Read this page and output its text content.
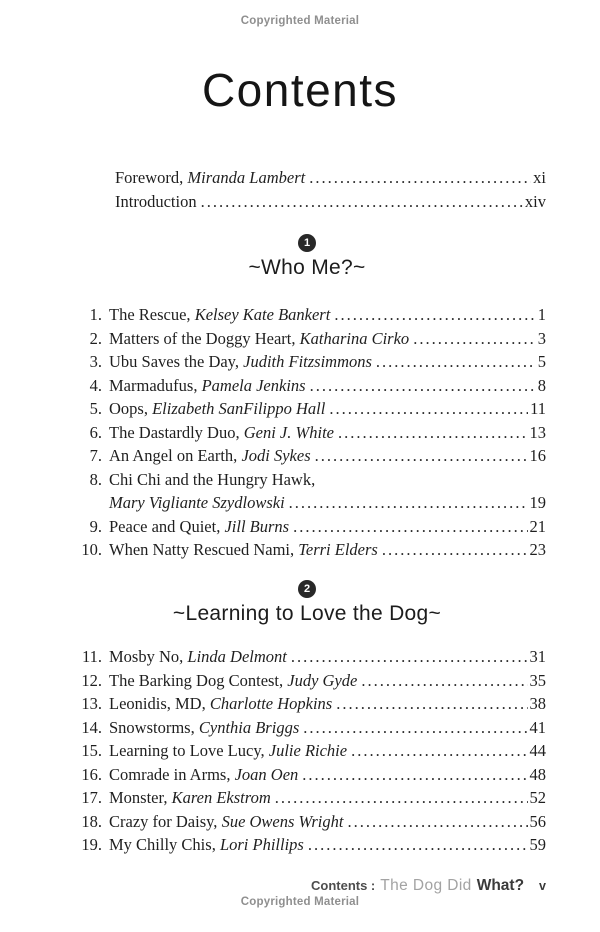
Copyrighted Material
Contents
Foreword, Miranda Lambert .....	xi
Introduction .....	xiv
1
~Who Me?~
1. The Rescue, Kelsey Kate Bankert .....	1
2. Matters of the Doggy Heart, Katharina Cirko .....	3
3. Ubu Saves the Day, Judith Fitzsimmons .....	5
4. Marmadufus, Pamela Jenkins .....	8
5. Oops, Elizabeth SanFilippo Hall .....	11
6. The Dastardly Duo, Geni J. White .....	13
7. An Angel on Earth, Jodi Sykes .....	16
8. Chi Chi and the Hungry Hawk,
Mary Vigliante Szydlowski .....	19
9. Peace and Quiet, Jill Burns .....	21
10. When Natty Rescued Nami, Terri Elders .....	23
2
~Learning to Love the Dog~
11. Mosby No, Linda Delmont .....	31
12. The Barking Dog Contest, Judy Gyde .....	35
13. Leonidis, MD, Charlotte Hopkins .....	38
14. Snowstorms, Cynthia Briggs .....	41
15. Learning to Love Lucy, Julie Richie .....	44
16. Comrade in Arms, Joan Oen .....	48
17. Monster, Karen Ekstrom .....	52
18. Crazy for Daisy, Sue Owens Wright .....	56
19. My Chilly Chis, Lori Phillips .....	59
Contents : The Dog Did What? v
Copyrighted Material
